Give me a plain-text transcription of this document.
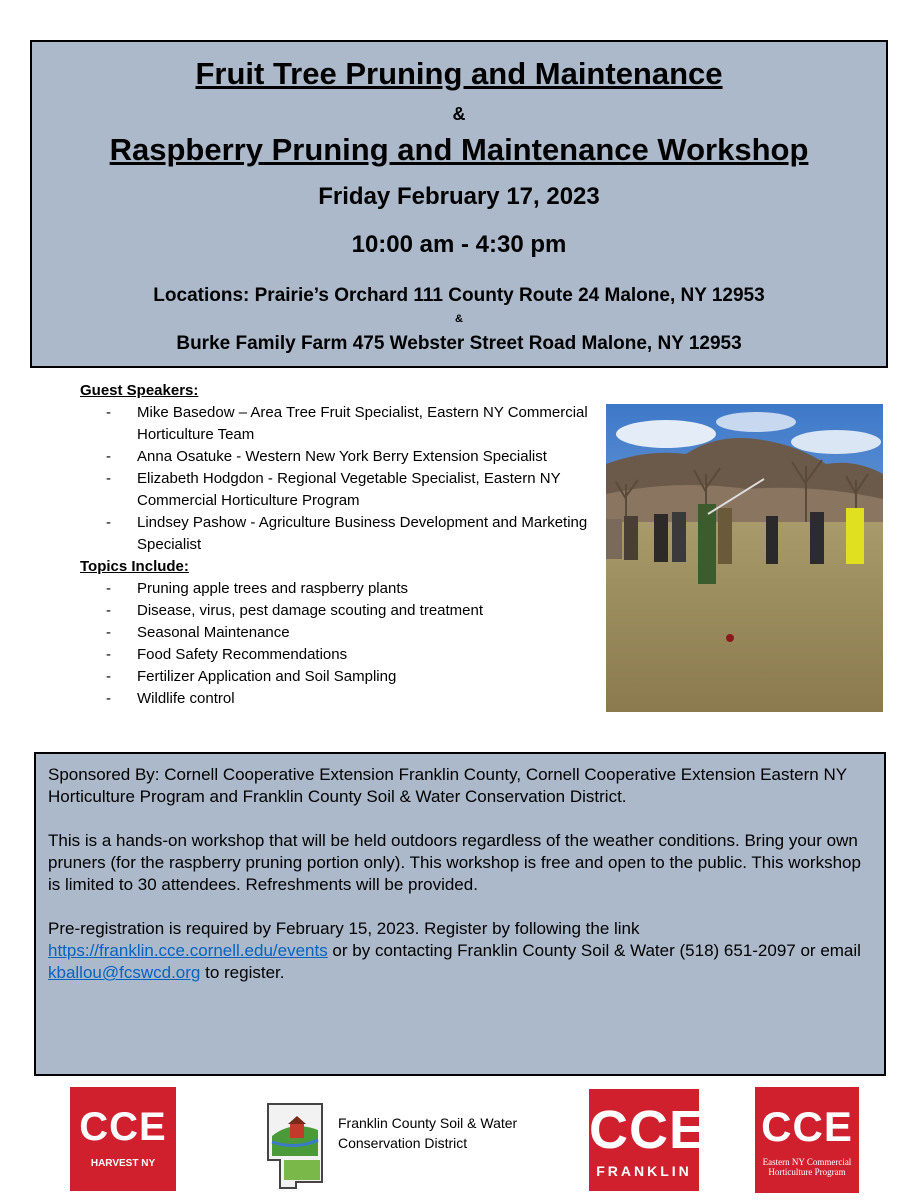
Fruit Tree Pruning and Maintenance
&
Raspberry Pruning and Maintenance Workshop
Friday February 17, 2023
10:00 am - 4:30 pm
Locations: Prairie’s Orchard 111 County Route 24 Malone, NY 12953
&
Burke Family Farm 475 Webster Street Road Malone, NY 12953
Guest Speakers:
- Mike Basedow – Area Tree Fruit Specialist, Eastern NY Commercial Horticulture Team
- Anna Osatuke - Western New York Berry Extension Specialist
- Elizabeth Hodgdon - Regional Vegetable Specialist, Eastern NY Commercial Horticulture Program
- Lindsey Pashow - Agriculture Business Development and Marketing Specialist
Topics Include:
- Pruning apple trees and raspberry plants
- Disease, virus, pest damage scouting and treatment
- Seasonal Maintenance
- Food Safety Recommendations
- Fertilizer Application and Soil Sampling
- Wildlife control

Sponsored By: Cornell Cooperative Extension Franklin County, Cornell Cooperative Extension Eastern NY Horticulture Program and Franklin County Soil & Water Conservation District.

This is a hands-on workshop that will be held outdoors regardless of the weather conditions. Bring your own pruners (for the raspberry pruning portion only). This workshop is free and open to the public. This workshop is limited to 30 attendees. Refreshments will be provided.

Pre-registration is required by February 15, 2023. Register by following the link https://franklin.cce.cornell.edu/events or by contacting Franklin County Soil & Water (518) 651-2097 or email kballou@fcswcd.org to register.

CCE
HARVEST NY
Franklin County Soil & Water
Conservation District	CCE
FRANKLIN
CCE
Eastern NY Commercial
Horticulture Program
